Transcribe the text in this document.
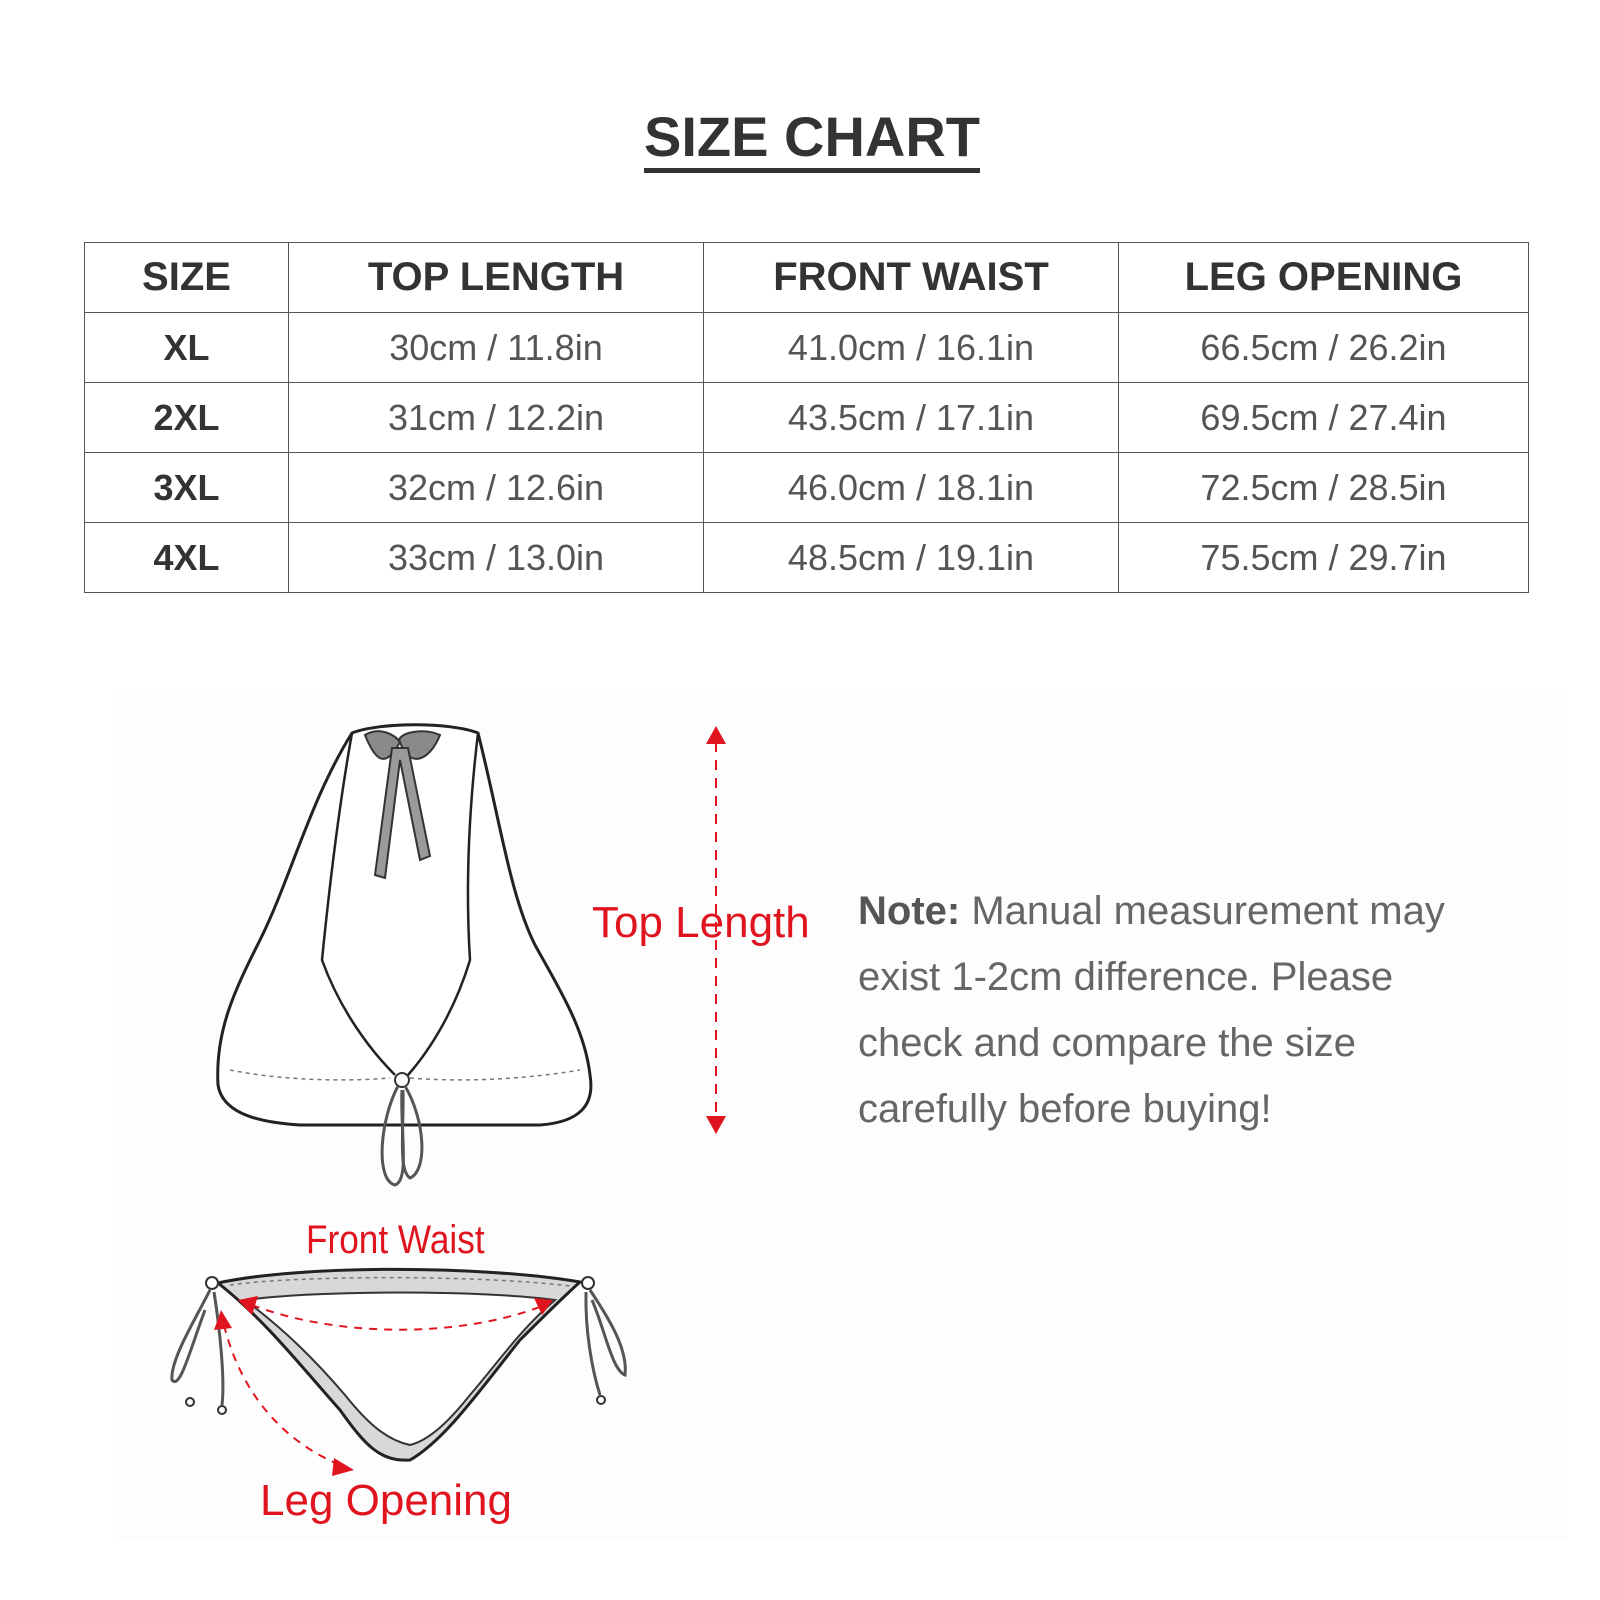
SIZE CHART
SIZE	TOP LENGTH	FRONT WAIST	LEG OPENING
XL	30cm / 11.8in	41.0cm / 16.1in	66.5cm / 26.2in
2XL	31cm / 12.2in	43.5cm / 17.1in	69.5cm / 27.4in
3XL	32cm / 12.6in	46.0cm / 18.1in	72.5cm / 28.5in
4XL	33cm / 13.0in	48.5cm / 19.1in	75.5cm / 29.7in
Top Length
Front Waist
Leg Opening
Note: Manual measurement may exist 1-2cm difference. Please check and compare the size carefully before buying!
